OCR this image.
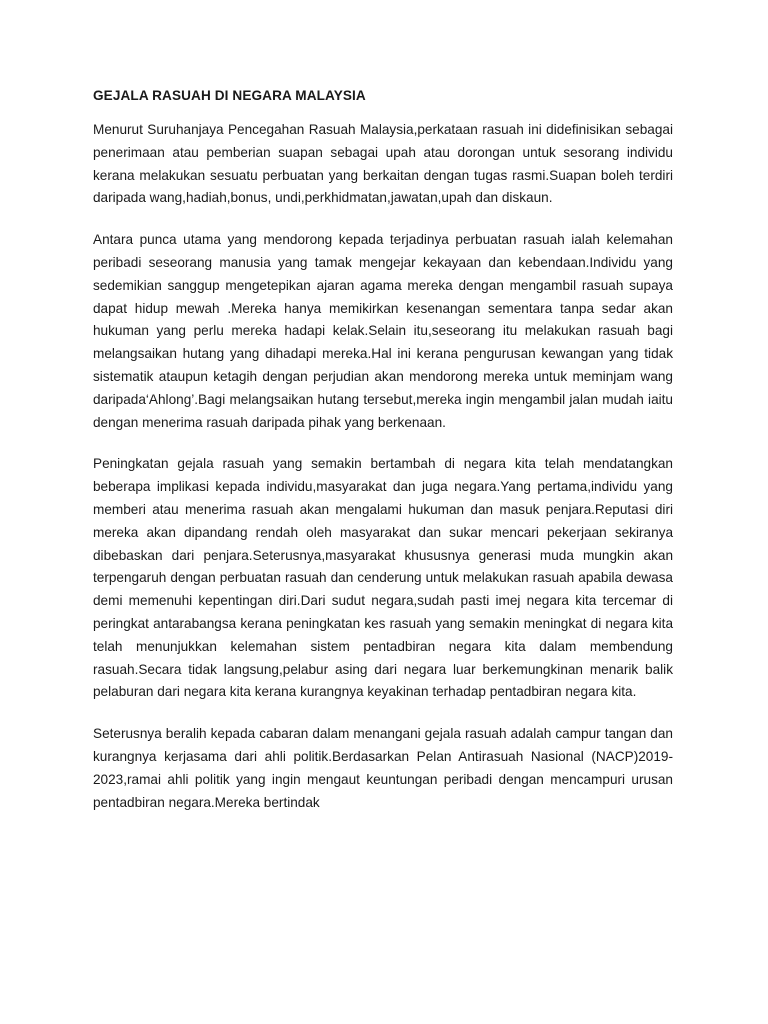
GEJALA RASUAH DI NEGARA MALAYSIA

Menurut Suruhanjaya Pencegahan Rasuah Malaysia,perkataan rasuah ini didefinisikan sebagai penerimaan atau pemberian suapan sebagai upah atau dorongan untuk sesorang individu kerana melakukan sesuatu perbuatan yang berkaitan dengan tugas rasmi.Suapan boleh terdiri daripada wang,hadiah,bonus, undi,perkhidmatan,jawatan,upah dan diskaun.

Antara punca utama yang mendorong kepada terjadinya perbuatan rasuah ialah kelemahan peribadi seseorang manusia yang tamak mengejar kekayaan dan kebendaan.Individu yang sedemikian sanggup mengetepikan ajaran agama mereka dengan mengambil rasuah supaya dapat hidup mewah .Mereka hanya memikirkan kesenangan sementara tanpa sedar akan hukuman yang perlu mereka hadapi kelak.Selain itu,seseorang itu melakukan rasuah bagi melangsaikan hutang yang dihadapi mereka.Hal ini kerana pengurusan kewangan yang tidak sistematik ataupun ketagih dengan perjudian akan mendorong mereka untuk meminjam wang daripada‘Ahlong’.Bagi melangsaikan hutang tersebut,mereka ingin mengambil jalan mudah iaitu dengan menerima rasuah daripada pihak yang berkenaan.

Peningkatan gejala rasuah yang semakin bertambah di negara kita telah mendatangkan beberapa implikasi kepada individu,masyarakat dan juga negara.Yang pertama,individu yang memberi atau menerima rasuah akan mengalami hukuman dan masuk penjara.Reputasi diri mereka akan dipandang rendah oleh masyarakat dan sukar mencari pekerjaan sekiranya dibebaskan dari penjara.Seterusnya,masyarakat khususnya generasi muda mungkin akan terpengaruh dengan perbuatan rasuah dan cenderung untuk melakukan rasuah apabila dewasa demi memenuhi kepentingan diri.Dari sudut negara,sudah pasti imej negara kita tercemar di peringkat antarabangsa kerana peningkatan kes rasuah yang semakin meningkat di negara kita telah menunjukkan kelemahan sistem pentadbiran negara kita dalam membendung rasuah.Secara tidak langsung,pelabur asing dari negara luar berkemungkinan menarik balik pelaburan dari negara kita kerana kurangnya keyakinan terhadap pentadbiran negara kita.

Seterusnya beralih kepada cabaran dalam menangani gejala rasuah adalah campur tangan dan kurangnya kerjasama dari ahli politik.Berdasarkan Pelan Antirasuah Nasional (NACP)2019-2023,ramai ahli politik yang ingin mengaut keuntungan peribadi dengan mencampuri urusan pentadbiran negara.Mereka bertindak
